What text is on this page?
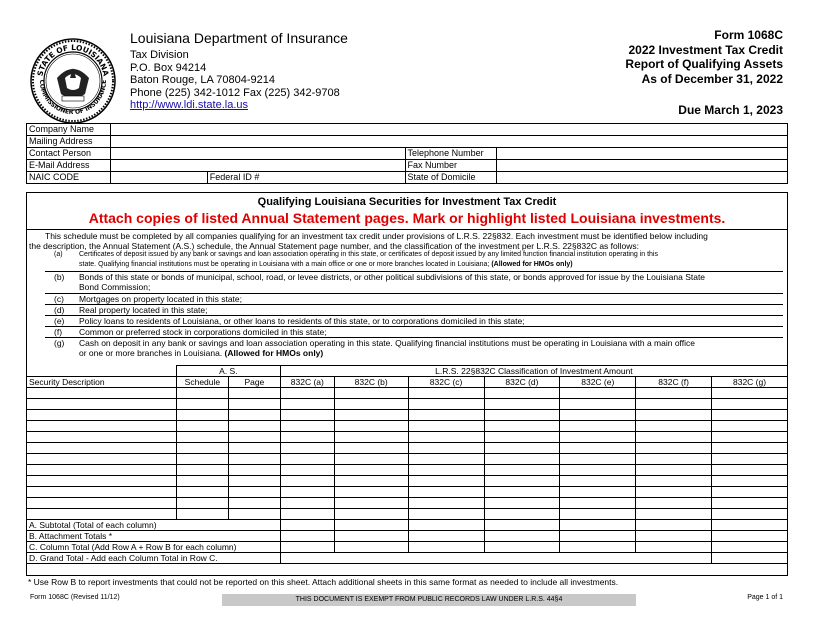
STATE OF LOUISIANA
COMMISSIONER OF INSURANCE
Louisiana Department of Insurance
Tax Division
P.O. Box 94214
Baton Rouge, LA 70804-9214
Phone (225) 342-1012 Fax (225) 342-9708
http://www.ldi.state.la.us
Form 1068C
2022 Investment Tax Credit
Report of Qualifying Assets
As of December 31, 2022
Due March 1, 2023
Company Name				
Mailing Address				
Contact Person			Telephone Number	
E-Mail Address			Fax Number	
NAIC CODE		Federal ID #	State of Domicile	
Qualifying Louisiana Securities for Investment Tax Credit
Attach copies of listed Annual Statement pages. Mark or highlight listed Louisiana investments.
This schedule must be completed by all companies qualifying for an investment tax credit under provisions of L.R.S. 22§832. Each investment must be identified below including
the description, the Annual Statement (A.S.) schedule, the Annual Statement page number, and the classification of the investment per L.R.S. 22§832C as follows:
(a) Certificates of deposit issued by any bank or savings and loan association operating in this state, or certificates of deposit issued by any limited function financial institution operating in this
state. Qualifying financial institutions must be operating in Louisiana with a main office or one or more branches located in Louisiana; (Allowed for HMOs only)
(b) Bonds of this state or bonds of municipal, school, road, or levee districts, or other political subdivisions of this state, or bonds approved for issue by the Louisiana State
Bond Commission;
(c) Mortgages on property located in this state;
(d) Real property located in this state;
(e) Policy loans to residents of Louisiana, or other loans to residents of this state, or to corporations domiciled in this state;
(f) Common or preferred stock in corporations domiciled in this state;
(g) Cash on deposit in any bank or savings and loan association operating in this state. Qualifying financial institutions must be operating in Louisiana with a main office
or one or more branches in Louisiana. (Allowed for HMOs only)
	A. S.		L.R.S. 22§832C Classification of Investment Amount						
Security Description	Schedule	Page	832C (a)	832C (b)	832C (c)	832C (d)	832C (e)	832C (f)	832C (g)

A. Subtotal (Total of each column)									
B. Attachment Totals *									
C. Column Total (Add Row A + Row B for each column)									
D. Grand Total - Add each Column Total in Row C.									
* Use Row B to report investments that could not be reported on this sheet. Attach additional sheets in this same format as needed to include all investments.
Form 1068C (Revised 11/12)	THIS DOCUMENT IS EXEMPT FROM PUBLIC RECORDS LAW UNDER L.R.S. 44§4	Page 1 of 1
